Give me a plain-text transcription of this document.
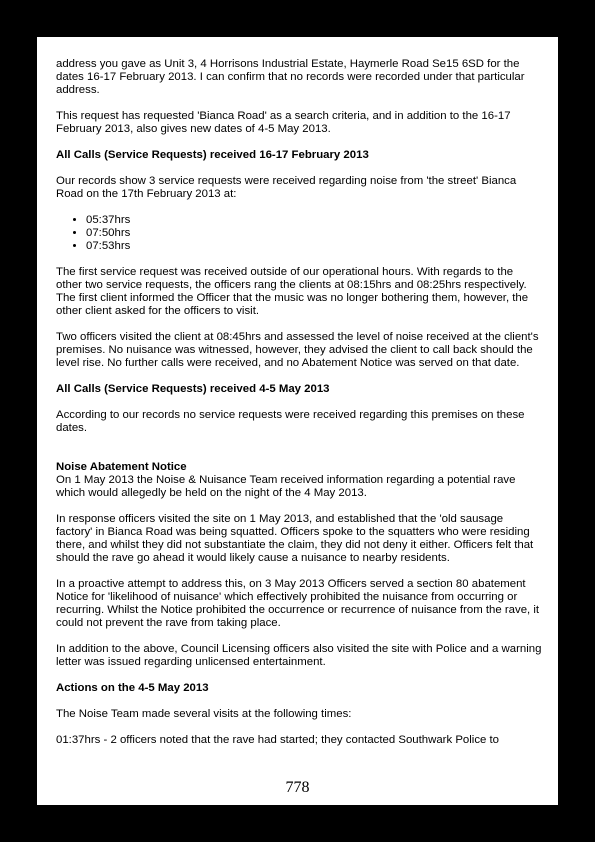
address you gave as Unit 3, 4 Horrisons Industrial Estate, Haymerle Road Se15 6SD for the dates 16-17 February 2013. I can confirm that no records were recorded under that particular address.

This request has requested 'Bianca Road' as a search criteria, and in addition to the 16-17 February 2013, also gives new dates of 4-5 May 2013.

All Calls (Service Requests) received 16-17 February 2013

Our records show 3 service requests were received regarding noise from 'the street' Bianca Road on the 17th February 2013 at:

• 05:37hrs
• 07:50hrs
• 07:53hrs

The first service request was received outside of our operational hours. With regards to the other two service requests, the officers rang the clients at 08:15hrs and 08:25hrs respectively. The first client informed the Officer that the music was no longer bothering them, however, the other client asked for the officers to visit.

Two officers visited the client at 08:45hrs and assessed the level of noise received at the client's premises. No nuisance was witnessed, however, they advised the client to call back should the level rise. No further calls were received, and no Abatement Notice was served on that date.

All Calls (Service Requests) received 4-5 May 2013

According to our records no service requests were received regarding this premises on these dates.

Noise Abatement Notice
On 1 May 2013 the Noise & Nuisance Team received information regarding a potential rave which would allegedly be held on the night of the 4 May 2013.

In response officers visited the site on 1 May 2013, and established that the 'old sausage factory' in Bianca Road was being squatted. Officers spoke to the squatters who were residing there, and whilst they did not substantiate the claim, they did not deny it either. Officers felt that should the rave go ahead it would likely cause a nuisance to nearby residents.

In a proactive attempt to address this, on 3 May 2013 Officers served a section 80 abatement Notice for 'likelihood of nuisance' which effectively prohibited the nuisance from occurring or recurring. Whilst the Notice prohibited the occurrence or recurrence of nuisance from the rave, it could not prevent the rave from taking place.

In addition to the above, Council Licensing officers also visited the site with Police and a warning letter was issued regarding unlicensed entertainment.

Actions on the 4-5 May 2013

The Noise Team made several visits at the following times:

01:37hrs - 2 officers noted that the rave had started; they contacted Southwark Police to

778
